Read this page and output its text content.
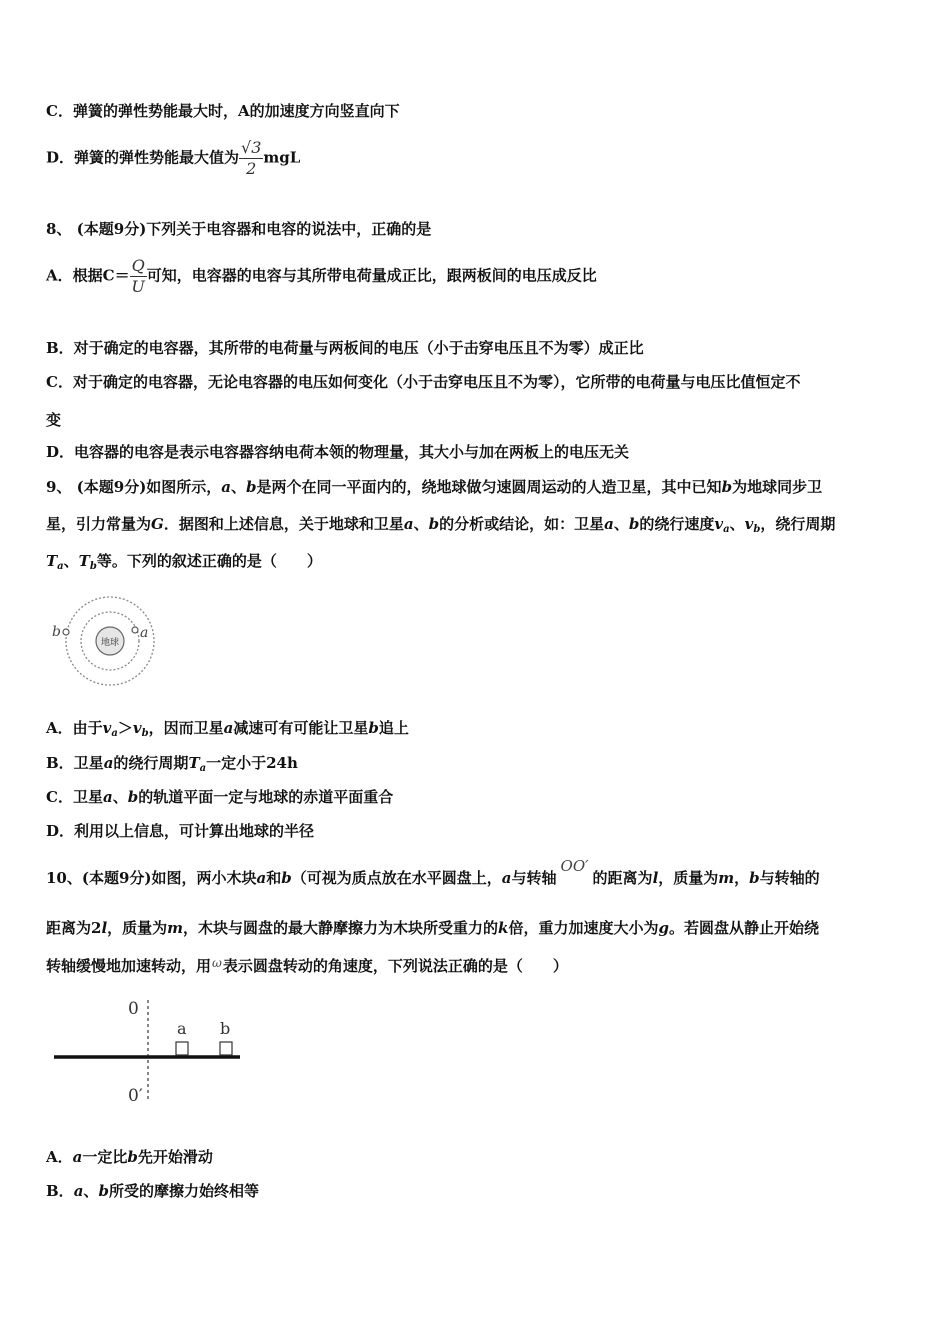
C．弹簧的弹性势能最大时，A的加速度方向竖直向下
D．弹簧的弹性势能最大值为 $\frac{√3}{2}$ mgL
8、 (本题9分)下列关于电容器和电容的说法中，正确的是
A．根据$C= \frac{Q}{U}$ 可知，电容器的电容与其所带电荷量成正比，跟两板间的电压成反比
B．对于确定的电容器，其所带的电荷量与两板间的电压（小于击穿电压且不为零）成正比
C．对于确定的电容器，无论电容器的电压如何变化（小于击穿电压且不为零），它所带的电荷量与电压比值恒定不
变
D．电容器的电容是表示电容器容纳电荷本领的物理量，其大小与加在两板上的电压无关
9、 (本题9分)如图所示，a、b是两个在同一平面内的，绕地球做匀速圆周运动的人造卫星，其中已知b为地球同步卫
星，引力常量为G．据图和上述信息，关于地球和卫星a、b的分析或结论，如：卫星a、b的绕行速度$v_a$、$v_b$，绕行周期
$T_a$、$T_b$等。下列的叙述正确的是（　　）
地球
a
b
A．由于$v_a>v_b$，因而卫星a减速可有可能让卫星b追上
B．卫星a的绕行周期$T_a$一定小于24h
C．卫星a、b的轨道平面一定与地球的赤道平面重合
D．利用以上信息，可计算出地球的半径
10、(本题9分)如图，两小木块a和b（可视为质点放在水平圆盘上，a与转轴OO′的距离为l，质量为m，b与转轴的
距离为2l，质量为m，木块与圆盘的最大静摩擦力为木块所受重力的k倍，重力加速度大小为g。若圆盘从静止开始绕
转轴缓慢地加速转动，用$^\omega$表示圆盘转动的角速度，下列说法正确的是（　　）
0
a b
0′
A．a一定比b先开始滑动
B．a、b所受的摩擦力始终相等
